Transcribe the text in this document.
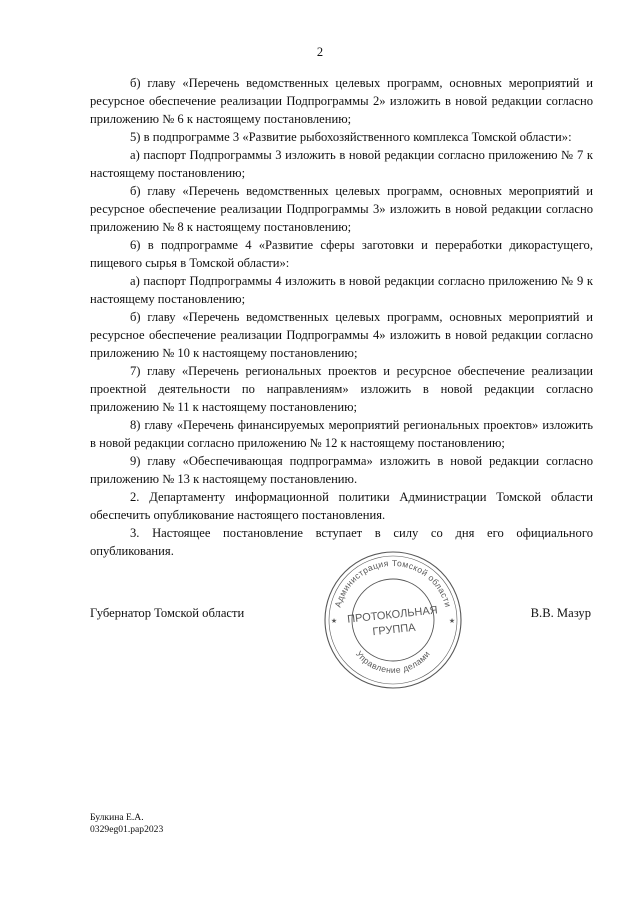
2

б) главу «Перечень ведомственных целевых программ, основных мероприятий и ресурсное обеспечение реализации Подпрограммы 2» изложить в новой редакции согласно приложению № 6 к настоящему постановлению;

5) в подпрограмме 3 «Развитие рыбохозяйственного комплекса Томской области»:

а) паспорт Подпрограммы 3 изложить в новой редакции согласно приложению № 7 к настоящему постановлению;

б) главу «Перечень ведомственных целевых программ, основных мероприятий и ресурсное обеспечение реализации Подпрограммы 3» изложить в новой редакции согласно приложению № 8 к настоящему постановлению;

6) в подпрограмме 4 «Развитие сферы заготовки и переработки дикорастущего, пищевого сырья в Томской области»:

а) паспорт Подпрограммы 4 изложить в новой редакции согласно приложению № 9 к настоящему постановлению;

б) главу «Перечень ведомственных целевых программ, основных мероприятий и ресурсное обеспечение реализации Подпрограммы 4» изложить в новой редакции согласно приложению № 10 к настоящему постановлению;

7) главу «Перечень региональных проектов и ресурсное обеспечение реализации проектной деятельности по направлениям» изложить в новой редакции согласно приложению № 11 к настоящему постановлению;

8) главу «Перечень финансируемых мероприятий региональных проектов» изложить в новой редакции согласно приложению № 12 к настоящему постановлению;

9) главу «Обеспечивающая подпрограмма» изложить в новой редакции согласно приложению № 13 к настоящему постановлению.

2. Департаменту информационной политики Администрации Томской области обеспечить опубликование настоящего постановления.

3. Настоящее постановление вступает в силу со дня его официального опубликования.

Администрация Томской области
Управление делами
ПРОТОКОЛЬНАЯ
ГРУППА
★	★
Губернатор Томской области	В.В. Мазур
Булкина Е.А.
0329eg01.pap2023
